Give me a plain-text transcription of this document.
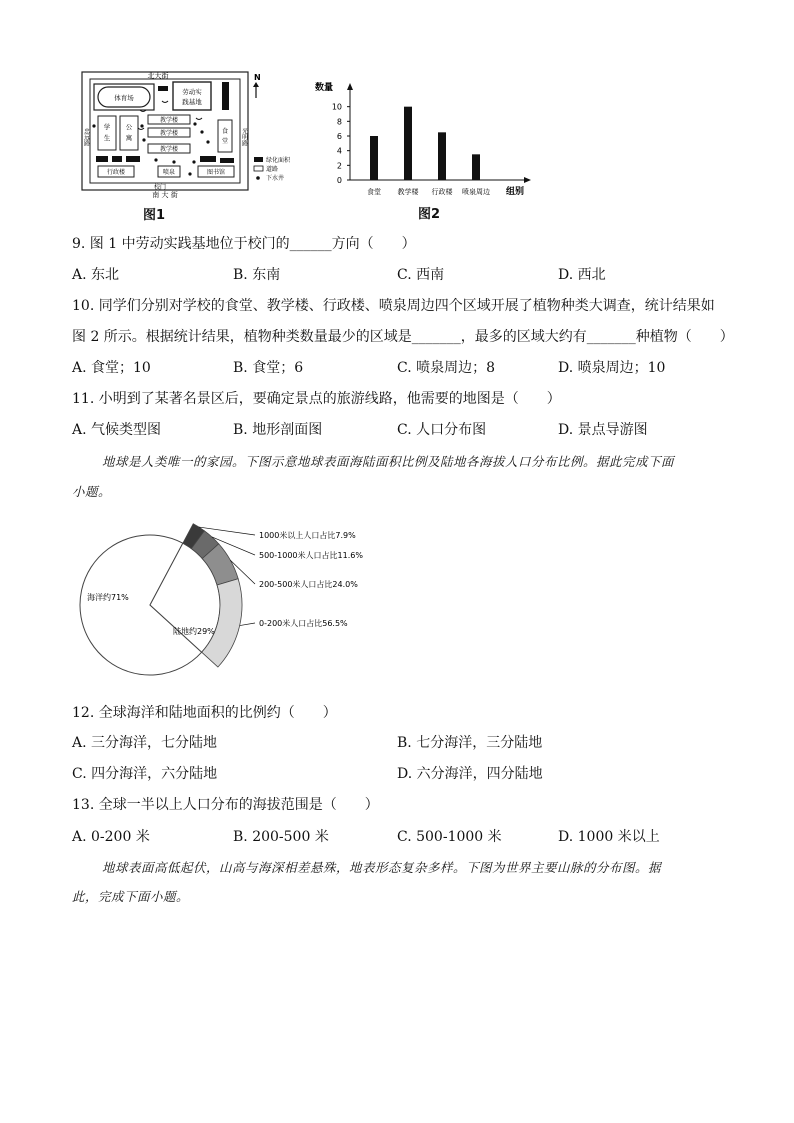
北大街
南 大 街
校门
忠远路	光明路
体育场
劳动实
践基地
教学楼
教学楼
教学楼
学
生
公
寓
食
堂
行政楼	喷泉	图书馆
N
绿化面积
道路
下水井
图1
数量
组别
0
2
4
6
8
10
食堂 教学楼 行政楼 喷泉周边
图2
9. 图 1 中劳动实践基地位于校门的______方向（　　）
A. 东北	B. 东南	C. 西南	D. 西北
10. 同学们分别对学校的食堂、教学楼、行政楼、喷泉周边四个区域开展了植物种类大调查，统计结果如
图 2 所示。根据统计结果，植物种类数量最少的区域是_______，最多的区域大约有_______种植物（　　）
A. 食堂；10	B. 食堂；6	C. 喷泉周边；8	D. 喷泉周边；10
11. 小明到了某著名景区后，要确定景点的旅游线路，他需要的地图是（　　）
A. 气候类型图	B. 地形剖面图	C. 人口分布图	D. 景点导游图
地球是人类唯一的家园。下图示意地球表面海陆面积比例及陆地各海拔人口分布比例。据此完成下面
小题。
海洋约71%
陆地约29%
1000米以上人口占比7.9%
500-1000米人口占比11.6%
200-500米人口占比24.0%
0-200米人口占比56.5%
12. 全球海洋和陆地面积的比例约（　　）
A. 三分海洋，七分陆地	B. 七分海洋，三分陆地
C. 四分海洋，六分陆地	D. 六分海洋，四分陆地
13. 全球一半以上人口分布的海拔范围是（　　）
A. 0-200 米	B. 200-500 米	C. 500-1000 米	D. 1000 米以上
地球表面高低起伏，山高与海深相差悬殊，地表形态复杂多样。下图为世界主要山脉的分布图。据
此，完成下面小题。
